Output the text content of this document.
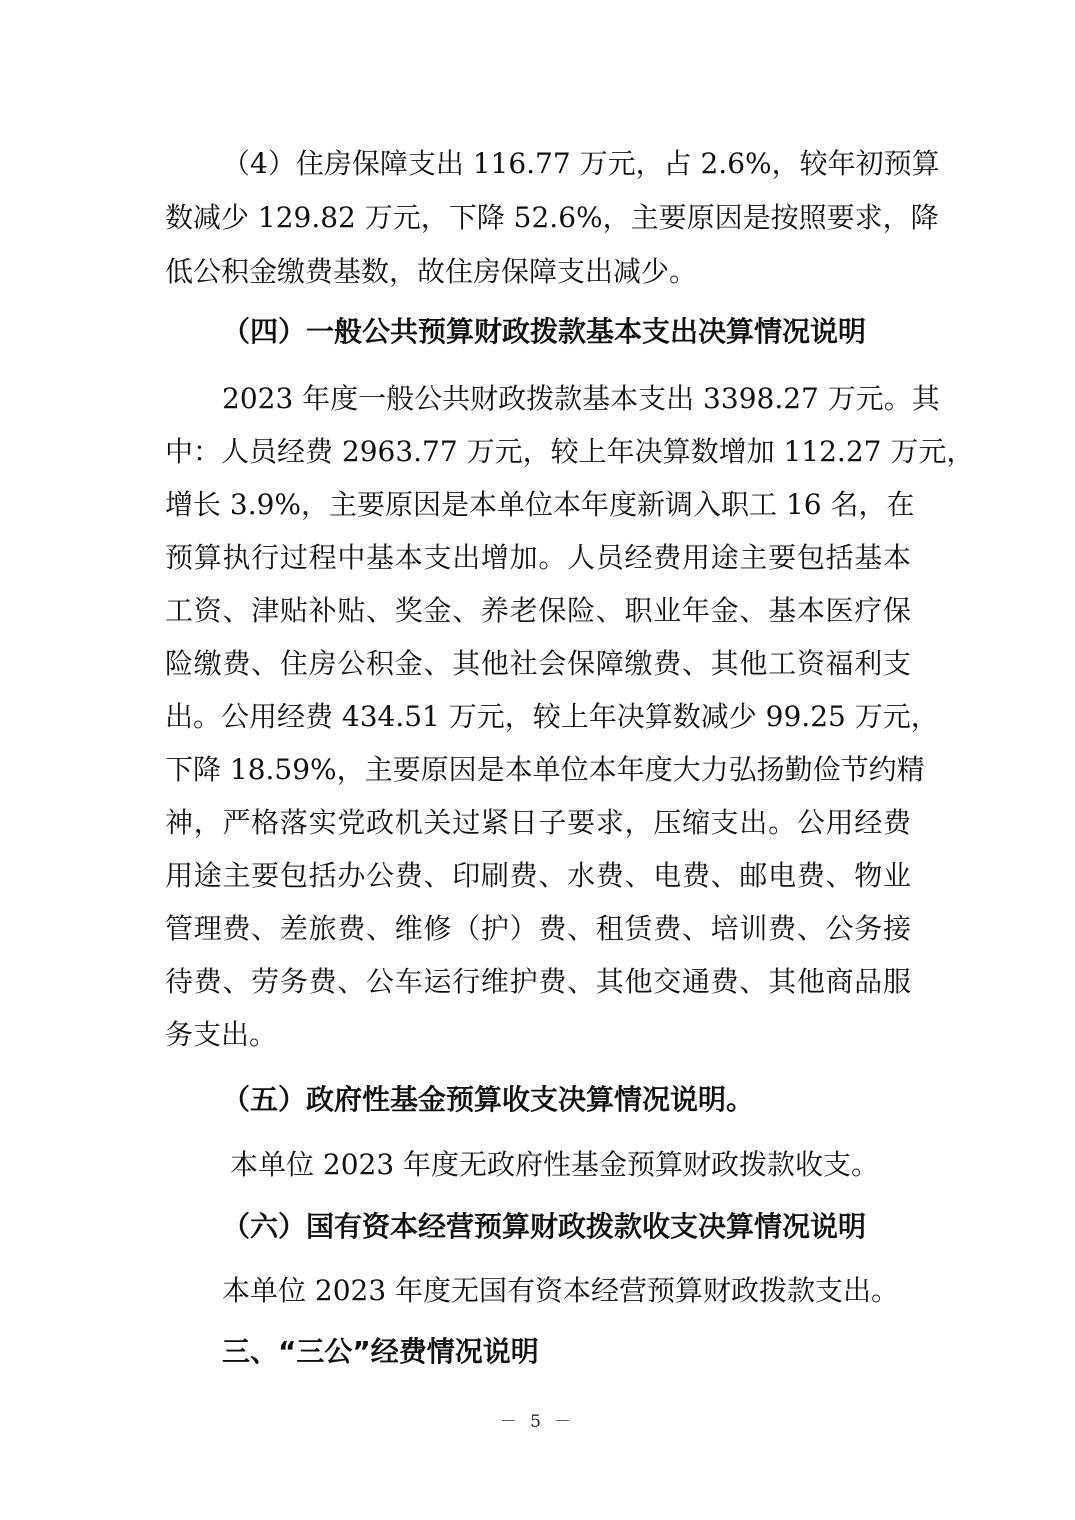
（4）住房保障支出 116.77 万元，占 2.6%，较年初预算
数减少 129.82 万元，下降 52.6%，主要原因是按照要求，降
低公积金缴费基数，故住房保障支出减少。
（四）一般公共预算财政拨款基本支出决算情况说明
2023 年度一般公共财政拨款基本支出 3398.27 万元。其
中：人员经费 2963.77 万元，较上年决算数增加 112.27 万元，
增长 3.9%，主要原因是本单位本年度新调入职工 16 名，在
预算执行过程中基本支出增加。人员经费用途主要包括基本
工资、津贴补贴、奖金、养老保险、职业年金、基本医疗保
险缴费、住房公积金、其他社会保障缴费、其他工资福利支
出。公用经费 434.51 万元，较上年决算数减少 99.25 万元，
下降 18.59%，主要原因是本单位本年度大力弘扬勤俭节约精
神，严格落实党政机关过紧日子要求，压缩支出。公用经费
用途主要包括办公费、印刷费、水费、电费、邮电费、物业
管理费、差旅费、维修（护）费、租赁费、培训费、公务接
待费、劳务费、公车运行维护费、其他交通费、其他商品服
务支出。
（五）政府性基金预算收支决算情况说明。
本单位 2023 年度无政府性基金预算财政拨款收支。
（六）国有资本经营预算财政拨款收支决算情况说明
本单位 2023 年度无国有资本经营预算财政拨款支出。
三、“三公”经费情况说明
－ 5 －
